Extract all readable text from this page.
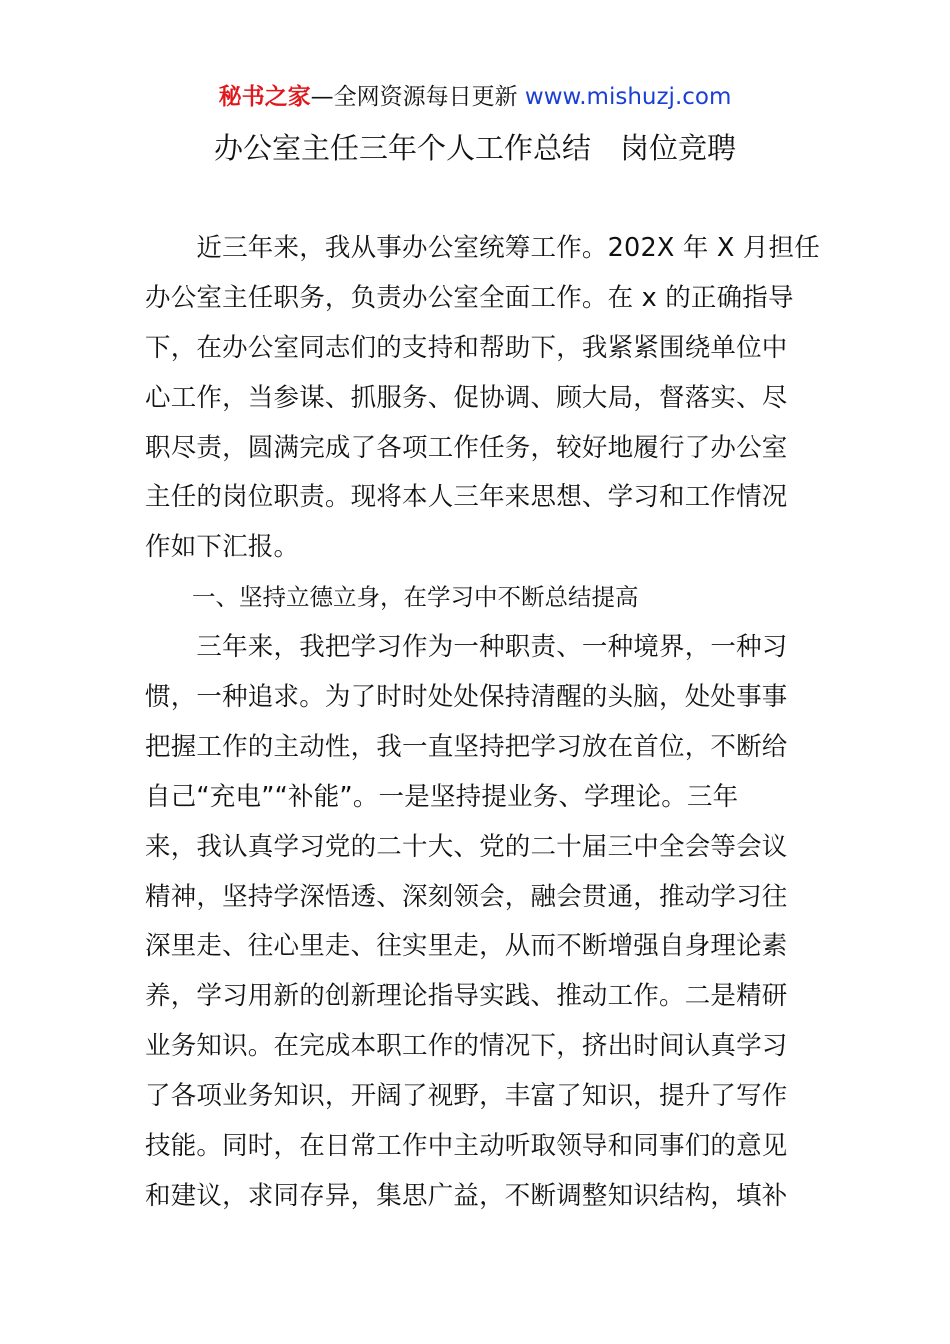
秘书之家—全网资源每日更新 www.mishuzj.com
办公室主任三年个人工作总结　岗位竞聘
　　近三年来，我从事办公室统筹工作。202X 年 X 月担任
办公室主任职务，负责办公室全面工作。在 x 的正确指导
下，在办公室同志们的支持和帮助下，我紧紧围绕单位中
心工作，当参谋、抓服务、促协调、顾大局，督落实、尽
职尽责，圆满完成了各项工作任务，较好地履行了办公室
主任的岗位职责。现将本人三年来思想、学习和工作情况
作如下汇报。
　　一、坚持立德立身，在学习中不断总结提高
　　三年来，我把学习作为一种职责、一种境界，一种习
惯，一种追求。为了时时处处保持清醒的头脑，处处事事
把握工作的主动性，我一直坚持把学习放在首位，不断给
自己“充电”“补能”。一是坚持提业务、学理论。三年
来，我认真学习党的二十大、党的二十届三中全会等会议
精神，坚持学深悟透、深刻领会，融会贯通，推动学习往
深里走、往心里走、往实里走，从而不断增强自身理论素
养，学习用新的创新理论指导实践、推动工作。二是精研
业务知识。在完成本职工作的情况下，挤出时间认真学习
了各项业务知识，开阔了视野，丰富了知识，提升了写作
技能。同时，在日常工作中主动听取领导和同事们的意见
和建议，求同存异，集思广益，不断调整知识结构，填补
